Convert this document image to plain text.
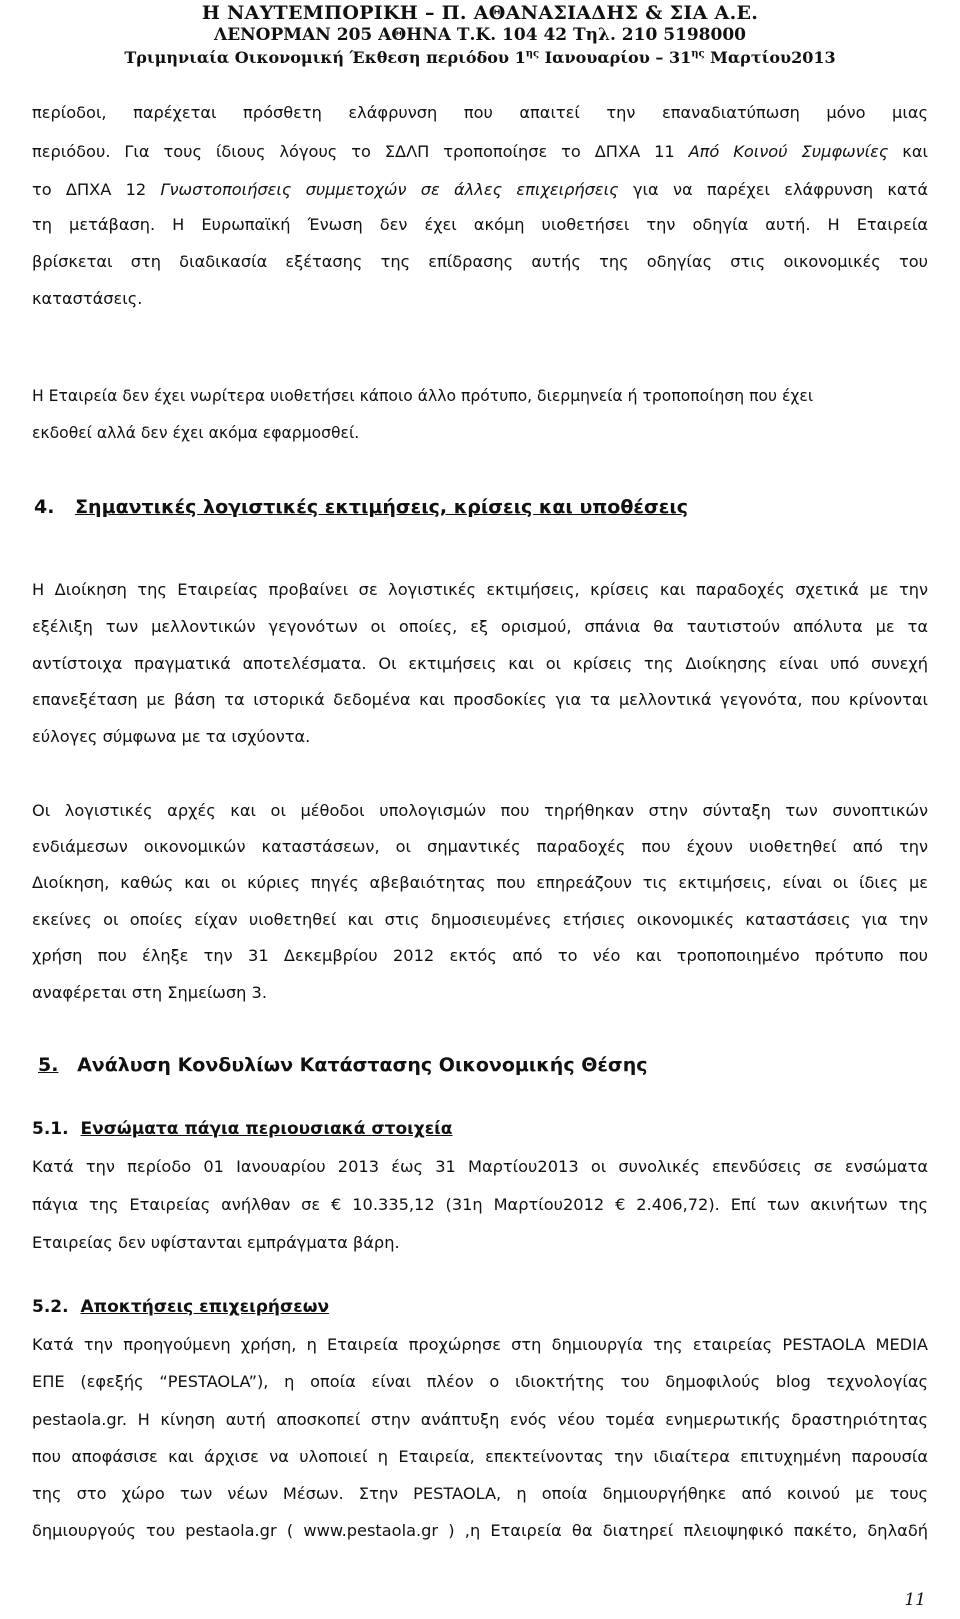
Η ΝΑΥΤΕΜΠΟΡΙΚΗ – Π. ΑΘΑΝΑΣΙΑΔΗΣ & ΣΙΑ Α.Ε.
ΛΕΝΟΡΜΑΝ 205 ΑΘΗΝΑ Τ.Κ. 104 42 Τηλ. 210 5198000
Τριμηνιαία Οικονομική Έκθεση περιόδου $1^{\eta\varsigma}$ Ιανουαρίου – $31^{\eta\varsigma}$ Μαρτίου2013
περίοδοι, παρέχεται πρόσθετη ελάφρυνση που απαιτεί την επαναδιατύπωση μόνο μιας
περιόδου. Για τους ίδιους λόγους το ΣΔΛΠ τροποποίησε το ΔΠΧΑ 11 Από Κοινού Συμφωνίες και
το ΔΠΧΑ 12 Γνωστοποιήσεις συμμετοχών σε άλλες επιχειρήσεις για να παρέχει ελάφρυνση κατά
τη μετάβαση. Η Ευρωπαϊκή Ένωση δεν έχει ακόμη υιοθετήσει την οδηγία αυτή. Η Εταιρεία
βρίσκεται στη διαδικασία εξέτασης της επίδρασης αυτής της οδηγίας στις οικονομικές του
καταστάσεις.
Η Εταιρεία δεν έχει νωρίτερα υιοθετήσει κάποιο άλλο πρότυπο, διερμηνεία ή τροποποίηση που έχει
εκδοθεί αλλά δεν έχει ακόμα εφαρμοσθεί.
4. Σημαντικές λογιστικές εκτιμήσεις, κρίσεις και υποθέσεις
Η Διοίκηση της Εταιρείας προβαίνει σε λογιστικές εκτιμήσεις, κρίσεις και παραδοχές σχετικά με την
εξέλιξη των μελλοντικών γεγονότων οι οποίες, εξ ορισμού, σπάνια θα ταυτιστούν απόλυτα με τα
αντίστοιχα πραγματικά αποτελέσματα. Οι εκτιμήσεις και οι κρίσεις της Διοίκησης είναι υπό συνεχή
επανεξέταση με βάση τα ιστορικά δεδομένα και προσδοκίες για τα μελλοντικά γεγονότα, που κρίνονται
εύλογες σύμφωνα με τα ισχύοντα.
Οι λογιστικές αρχές και οι μέθοδοι υπολογισμών που τηρήθηκαν στην σύνταξη των συνοπτικών
ενδιάμεσων οικονομικών καταστάσεων, οι σημαντικές παραδοχές που έχουν υιοθετηθεί από την
Διοίκηση, καθώς και οι κύριες πηγές αβεβαιότητας που επηρεάζουν τις εκτιμήσεις, είναι οι ίδιες με
εκείνες οι οποίες είχαν υιοθετηθεί και στις δημοσιευμένες ετήσιες οικονομικές καταστάσεις για την
χρήση που έληξε την 31 Δεκεμβρίου 2012 εκτός από το νέο και τροποποιημένο πρότυπο που
αναφέρεται στη Σημείωση 3.
5. Ανάλυση Κονδυλίων Κατάστασης Οικονομικής Θέσης
5.1. Ενσώματα πάγια περιουσιακά στοιχεία
Κατά την περίοδο 01 Ιανουαρίου 2013 έως 31 Μαρτίου2013 οι συνολικές επενδύσεις σε ενσώματα
πάγια της Εταιρείας ανήλθαν σε € 10.335,12 (31η Μαρτίου2012 € 2.406,72). Επί των ακινήτων της
Εταιρείας δεν υφίστανται εμπράγματα βάρη.
5.2. Αποκτήσεις επιχειρήσεων
Κατά την προηγούμενη χρήση, η Εταιρεία προχώρησε στη δημιουργία της εταιρείας PESTAOLA MEDIA
ΕΠΕ (εφεξής “PESTAOLA”), η οποία είναι πλέον ο ιδιοκτήτης του δημοφιλούς blog τεχνολογίας
pestaola.gr. Η κίνηση αυτή αποσκοπεί στην ανάπτυξη ενός νέου τομέα ενημερωτικής δραστηριότητας
που αποφάσισε και άρχισε να υλοποιεί η Εταιρεία, επεκτείνοντας την ιδιαίτερα επιτυχημένη παρουσία
της στο χώρο των νέων Μέσων. Στην PESTAOLA, η οποία δημιουργήθηκε από κοινού με τους
δημιουργούς του pestaola.gr ( www.pestaola.gr ) ,η Εταιρεία θα διατηρεί πλειοψηφικό πακέτο, δηλαδή
11
